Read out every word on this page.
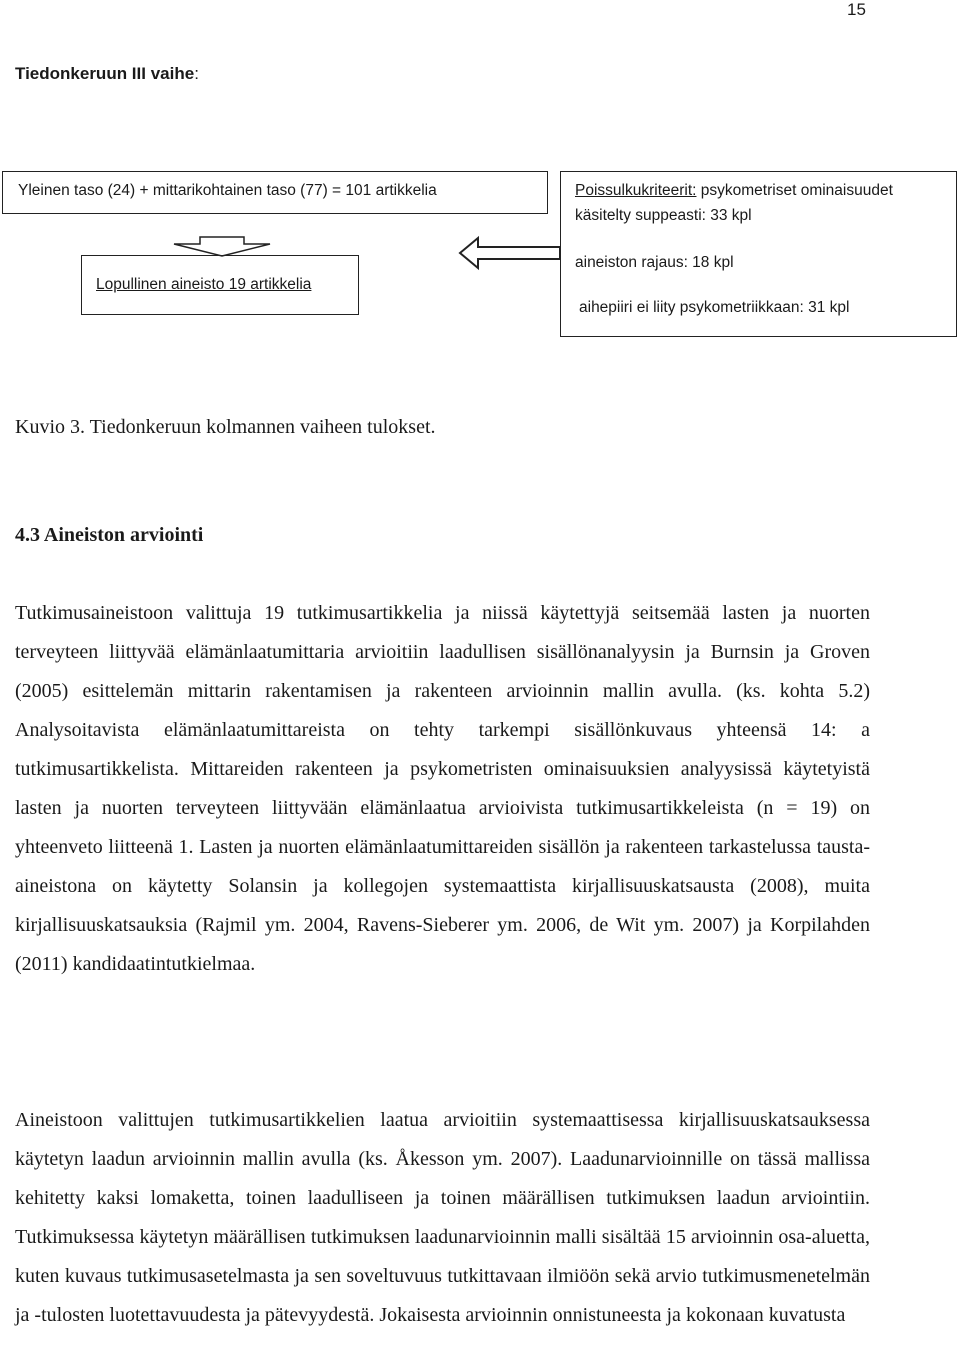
15
Tiedonkeruun III vaihe:
Yleinen taso (24) + mittarikohtainen taso (77) = 101 artikkelia
Lopullinen aineisto 19 artikkelia
Poissulkukriteerit: psykometriset ominaisuudet
käsitelty suppeasti: 33 kpl
aineiston rajaus: 18 kpl
aihepiiri ei liity psykometriikkaan: 31 kpl
Kuvio 3. Tiedonkeruun kolmannen vaiheen tulokset.
4.3 Aineiston arviointi
Tutkimusaineistoon valittuja 19 tutkimusartikkelia ja niissä käytettyjä seitsemää lasten ja nuorten terveyteen liittyvää elämänlaatumittaria arvioitiin laadullisen sisällönanalyysin ja Burnsin ja Groven (2005) esittelemän mittarin rakentamisen ja rakenteen arvioinnin mallin avulla. (ks. kohta 5.2) Analysoitavista elämänlaatumittareista on tehty tarkempi sisällönkuvaus yhteensä 14: a tutkimusartikkelista. Mittareiden rakenteen ja psykometristen ominaisuuksien analyysissä käytetyistä lasten ja nuorten terveyteen liittyvään elämänlaatua arvioivista tutkimusartikkeleista (n = 19) on yhteenveto liitteenä 1. Lasten ja nuorten elämänlaatumittareiden sisällön ja rakenteen tarkastelussa tausta-aineistona on käytetty Solansin ja kollegojen systemaattista kirjallisuuskatsausta (2008), muita kirjallisuuskatsauksia (Rajmil ym. 2004, Ravens-Sieberer ym. 2006, de Wit ym. 2007) ja Korpilahden (2011) kandidaatintutkielmaa.
Aineistoon valittujen tutkimusartikkelien laatua arvioitiin systemaattisessa kirjallisuuskatsauksessa käytetyn laadun arvioinnin mallin avulla (ks. Åkesson ym. 2007). Laadunarvioinnille on tässä mallissa kehitetty kaksi lomaketta, toinen laadulliseen ja toinen määrällisen tutkimuksen laadun arviointiin. Tutkimuksessa käytetyn määrällisen tutkimuksen laadunarvioinnin malli sisältää 15 arvioinnin osa-aluetta, kuten kuvaus tutkimusasetelmasta ja sen soveltuvuus tutkittavaan ilmiöön sekä arvio tutkimusmenetelmän ja -tulosten luotettavuudesta ja pätevyydestä. Jokaisesta arvioinnin onnistuneesta ja kokonaan kuvatusta
